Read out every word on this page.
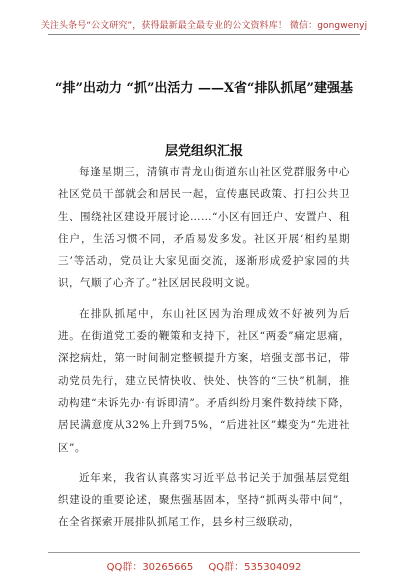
关注头条号“公文研究”，获得最新最全最专业的公文资料库！ 微信：gongwenyj
“排”出动力 “抓”出活力 ——X省“排队抓尾”建强基
层党组织汇报

每逢星期三，清镇市青龙山街道东山社区党群服务中心社区党员干部就会和居民一起，宣传惠民政策、打扫公共卫生、围绕社区建设开展讨论……“小区有回迁户、安置户、租住户，生活习惯不同，矛盾易发多发。社区开展‘相约星期三’等活动，党员让大家见面交流，逐渐形成爱护家园的共识，气顺了心齐了。”社区居民段明文说。

在排队抓尾中，东山社区因为治理成效不好被列为后进。在街道党工委的鞭策和支持下，社区“两委”痛定思痛，深挖病灶，第一时间制定整顿提升方案，培强支部书记，带动党员先行，建立民情快收、快处、快答的“三快”机制，推动构建“未诉先办·有诉即清”。矛盾纠纷月案件数持续下降，居民满意度从32%上升到75%，“后进社区”蝶变为“先进社区”。

近年来，我省认真落实习近平总书记关于加强基层党组织建设的重要论述，聚焦强基固本，坚持“抓两头带中间”，在全省探索开展排队抓尾工作，县乡村三级联动，

QQ群：30265665 QQ群：535304092
